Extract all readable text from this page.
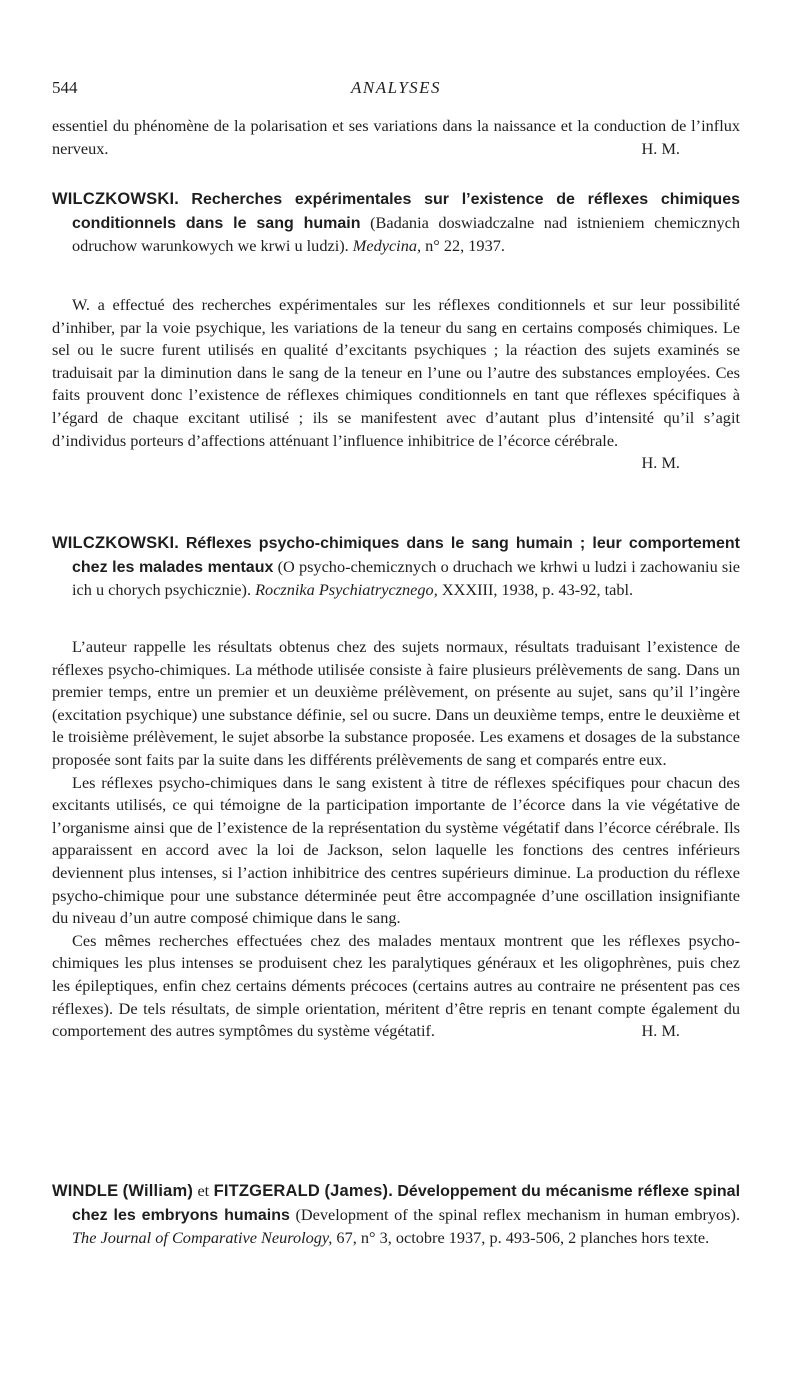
544	ANALYSES

essentiel du phénomène de la polarisation et ses variations dans la naissance et la conduction de l’influx nerveux.	H. M.

WILCZKOWSKI. Recherches expérimentales sur l’existence de réflexes chimiques conditionnels dans le sang humain (Badania doswiadczalne nad istnieniem chemicznych odruchow warunkowych we krwi u ludzi). Medycina, n° 22, 1937.

W. a effectué des recherches expérimentales sur les réflexes conditionnels et sur leur possibilité d’inhiber, par la voie psychique, les variations de la teneur du sang en certains composés chimiques. Le sel ou le sucre furent utilisés en qualité d’excitants psychiques ; la réaction des sujets examinés se traduisait par la diminution dans le sang de la teneur en l’une ou l’autre des substances employées. Ces faits prouvent donc l’existence de réflexes chimiques conditionnels en tant que réflexes spécifiques à l’égard de chaque excitant utilisé ; ils se manifestent avec d’autant plus d’intensité qu’il s’agit d’individus porteurs d’affections atténuant l’influence inhibitrice de l’écorce cérébrale.

H. M.

WILCZKOWSKI. Réflexes psycho-chimiques dans le sang humain ; leur comportement chez les malades mentaux (O psycho-chemicznych o druchach we krhwi u ludzi i zachowaniu sie ich u chorych psychicznie). Rocznika Psychiatrycznego, XXXIII, 1938, p. 43-92, tabl.

L’auteur rappelle les résultats obtenus chez des sujets normaux, résultats traduisant l’existence de réflexes psycho-chimiques. La méthode utilisée consiste à faire plusieurs prélèvements de sang. Dans un premier temps, entre un premier et un deuxième prélèvement, on présente au sujet, sans qu’il l’ingère (excitation psychique) une substance définie, sel ou sucre. Dans un deuxième temps, entre le deuxième et le troisième prélèvement, le sujet absorbe la substance proposée. Les examens et dosages de la substance proposée sont faits par la suite dans les différents prélèvements de sang et comparés entre eux.

Les réflexes psycho-chimiques dans le sang existent à titre de réflexes spécifiques pour chacun des excitants utilisés, ce qui témoigne de la participation importante de l’écorce dans la vie végétative de l’organisme ainsi que de l’existence de la représentation du système végétatif dans l’écorce cérébrale. Ils apparaissent en accord avec la loi de Jackson, selon laquelle les fonctions des centres inférieurs deviennent plus intenses, si l’action inhibitrice des centres supérieurs diminue. La production du réflexe psycho-chimique pour une substance déterminée peut être accompagnée d’une oscillation insignifiante du niveau d’un autre composé chimique dans le sang.

Ces mêmes recherches effectuées chez des malades mentaux montrent que les réflexes psycho-chimiques les plus intenses se produisent chez les paralytiques généraux et les oligophrènes, puis chez les épileptiques, enfin chez certains déments précoces (certains autres au contraire ne présentent pas ces réflexes). De tels résultats, de simple orientation, méritent d’être repris en tenant compte également du comportement des autres symptômes du système végétatif.	H. M.

WINDLE (William) et FITZGERALD (James). Développement du mécanisme réflexe spinal chez les embryons humains (Development of the spinal reflex mechanism in human embryos). The Journal of Comparative Neurology, 67, n° 3, octobre 1937, p. 493-506, 2 planches hors texte.
